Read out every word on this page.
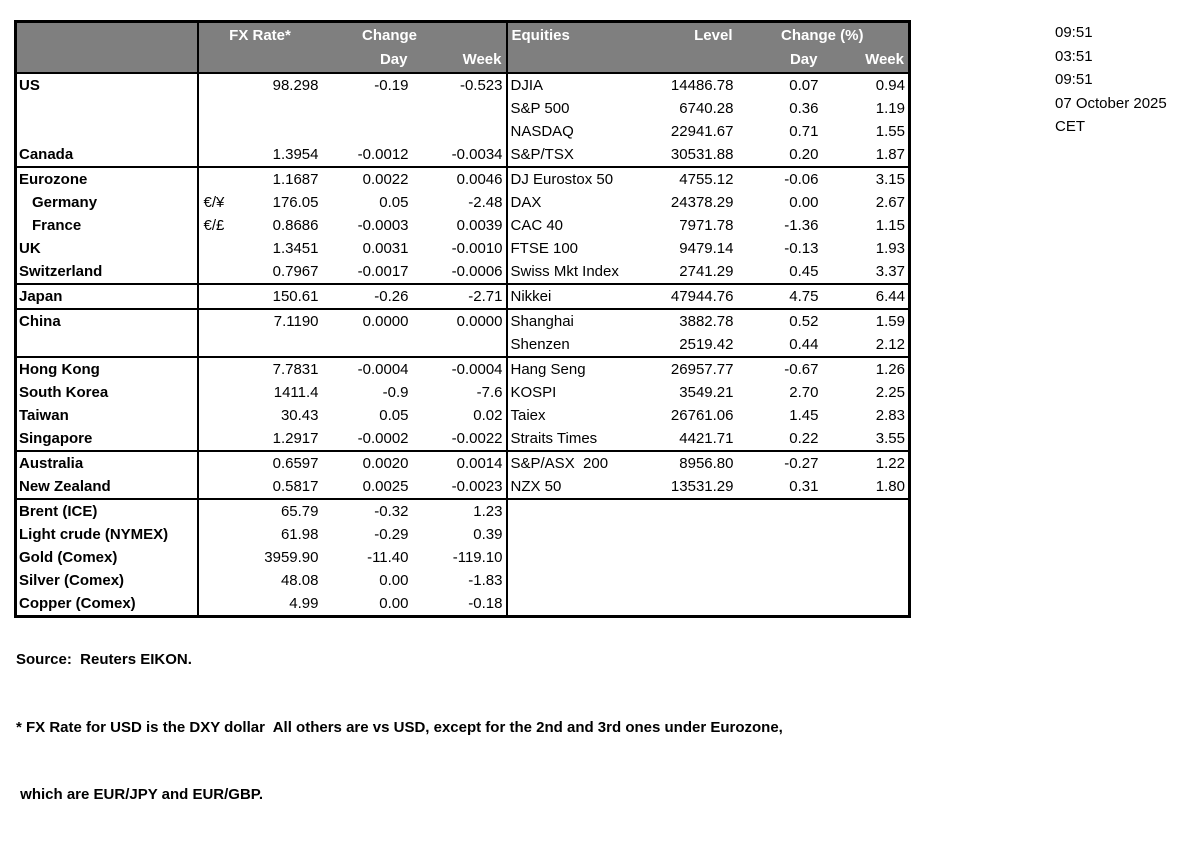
	FX Rate*		Change		Equities	Level	Change (%)	
			Day	Week			Day	Week
US		98.298	-0.19	-0.523	DJIA	14486.78	0.07	0.94
					S&P 500	6740.28	0.36	1.19
					NASDAQ	22941.67	0.71	1.55
Canada		1.3954	-0.0012	-0.0034	S&P/TSX	30531.88	0.20	1.87
Eurozone		1.1687	0.0022	0.0046	DJ Eurostox 50	4755.12	-0.06	3.15
Germany	€/¥	176.05	0.05	-2.48	DAX	24378.29	0.00	2.67
France	€/£	0.8686	-0.0003	0.0039	CAC 40	7971.78	-1.36	1.15
UK		1.3451	0.0031	-0.0010	FTSE 100	9479.14	-0.13	1.93
Switzerland		0.7967	-0.0017	-0.0006	Swiss Mkt Index	2741.29	0.45	3.37
Japan		150.61	-0.26	-2.71	Nikkei	47944.76	4.75	6.44
China		7.1190	0.0000	0.0000	Shanghai	3882.78	0.52	1.59
					Shenzen	2519.42	0.44	2.12
Hong Kong		7.7831	-0.0004	-0.0004	Hang Seng	26957.77	-0.67	1.26
South Korea		1411.4	-0.9	-7.6	KOSPI	3549.21	2.70	2.25
Taiwan		30.43	0.05	0.02	Taiex	26761.06	1.45	2.83
Singapore		1.2917	-0.0002	-0.0022	Straits Times	4421.71	0.22	3.55
Australia		0.6597	0.0020	0.0014	S&P/ASX  200	8956.80	-0.27	1.22
New Zealand		0.5817	0.0025	-0.0023	NZX 50	13531.29	0.31	1.80
Brent (ICE)		65.79	-0.32	1.23				
Light crude (NYMEX)		61.98	-0.29	0.39				
Gold (Comex)		3959.90	-11.40	-119.10				
Silver (Comex)		48.08	0.00	-1.83				
Copper (Comex)		4.99	0.00	-0.18				
09:51
03:51
09:51
07 October 2025
CET

Source:  Reuters EIKON.

* FX Rate for USD is the DXY dollar  All others are vs USD, except for the 2nd and 3rd ones under Eurozone,

which are EUR/JPY and EUR/GBP.
